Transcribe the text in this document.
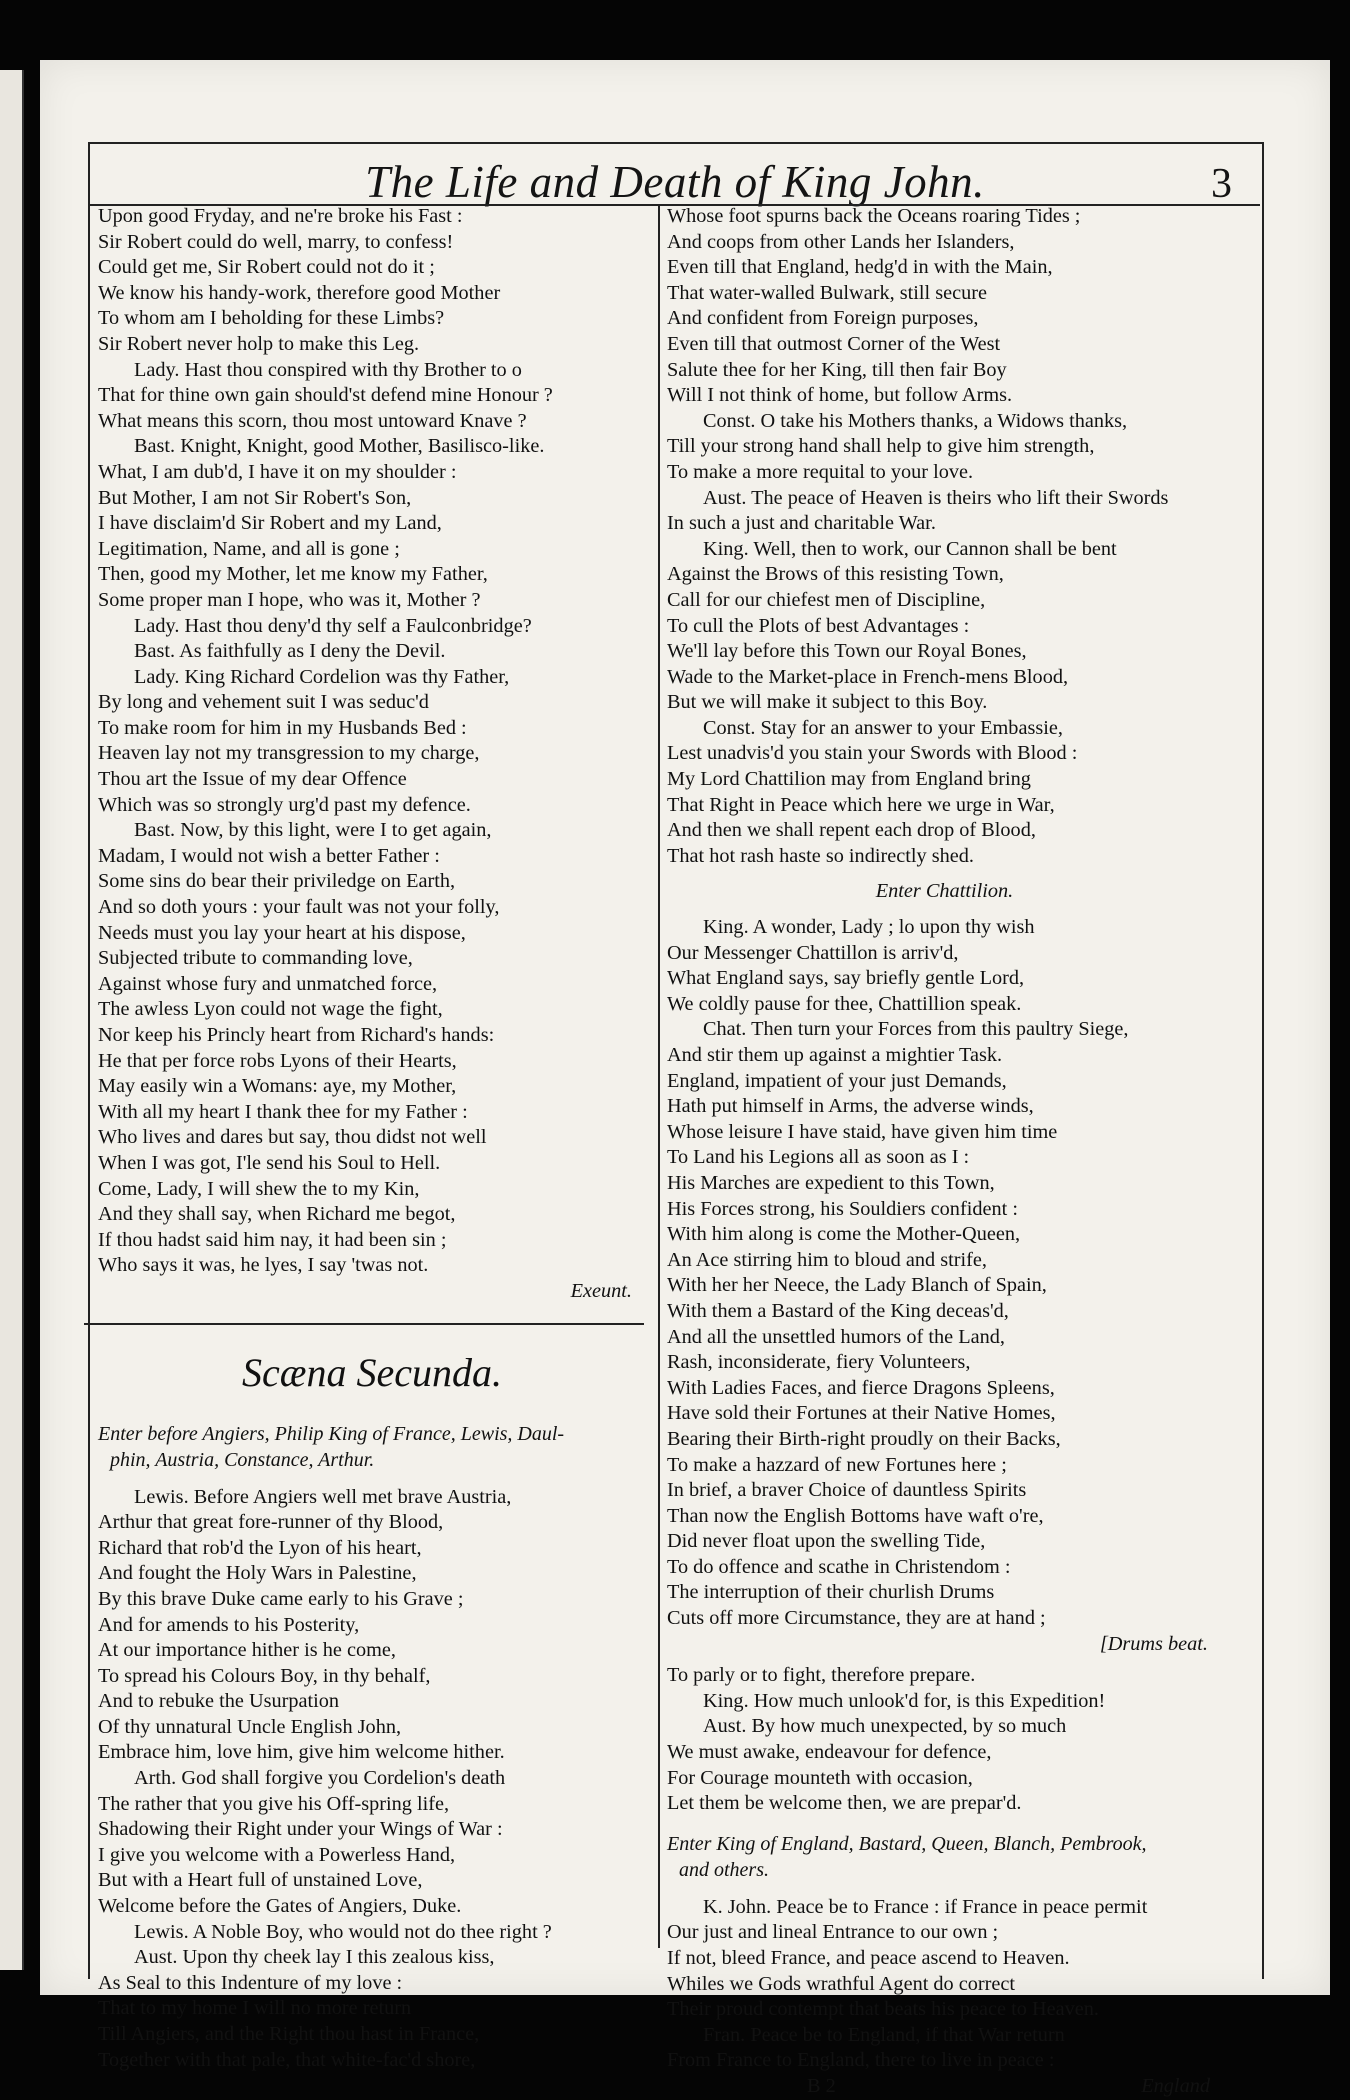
The Life and Death of King John.	3
Upon good Fryday, and ne're broke his Fast :
Sir Robert could do well, marry, to confess!
Could get me, Sir Robert could not do it ;
We know his handy-work, therefore good Mother
To whom am I beholding for these Limbs?
Sir Robert never holp to make this Leg.
Lady. Hast thou conspired with thy Brother to o
That for thine own gain should'st defend mine Honour ?
What means this scorn, thou most untoward Knave ?
Bast. Knight, Knight, good Mother, Basilisco-like.
What, I am dub'd, I have it on my shoulder :
But Mother, I am not Sir Robert's Son,
I have disclaim'd Sir Robert and my Land,
Legitimation, Name, and all is gone ;
Then, good my Mother, let me know my Father,
Some proper man I hope, who was it, Mother ?
Lady. Hast thou deny'd thy self a Faulconbridge?
Bast. As faithfully as I deny the Devil.
Lady. King Richard Cordelion was thy Father,
By long and vehement suit I was seduc'd
To make room for him in my Husbands Bed :
Heaven lay not my transgression to my charge,
Thou art the Issue of my dear Offence
Which was so strongly urg'd past my defence.
Bast. Now, by this light, were I to get again,
Madam, I would not wish a better Father :
Some sins do bear their priviledge on Earth,
And so doth yours : your fault was not your folly,
Needs must you lay your heart at his dispose,
Subjected tribute to commanding love,
Against whose fury and unmatched force,
The awless Lyon could not wage the fight,
Nor keep his Princly heart from Richard's hands:
He that per force robs Lyons of their Hearts,
May easily win a Womans: aye, my Mother,
With all my heart I thank thee for my Father :
Who lives and dares but say, thou didst not well
When I was got, I'le send his Soul to Hell.
Come, Lady, I will shew the to my Kin,
And they shall say, when Richard me begot,
If thou hadst said him nay, it had been sin ;
Who says it was, he lyes, I say 'twas not.
Exeunt.
Scæna Secunda.
Enter before Angiers, Philip King of France, Lewis, Daul-
phin, Austria, Constance, Arthur.
Lewis. Before Angiers well met brave Austria,
Arthur that great fore-runner of thy Blood,
Richard that rob'd the Lyon of his heart,
And fought the Holy Wars in Palestine,
By this brave Duke came early to his Grave ;
And for amends to his Posterity,
At our importance hither is he come,
To spread his Colours Boy, in thy behalf,
And to rebuke the Usurpation
Of thy unnatural Uncle English John,
Embrace him, love him, give him welcome hither.
Arth. God shall forgive you Cordelion's death
The rather that you give his Off-spring life,
Shadowing their Right under your Wings of War :
I give you welcome with a Powerless Hand,
But with a Heart full of unstained Love,
Welcome before the Gates of Angiers, Duke.
Lewis. A Noble Boy, who would not do thee right ?
Aust. Upon thy cheek lay I this zealous kiss,
As Seal to this Indenture of my love :
That to my home I will no more return
Till Angiers, and the Right thou hast in France,
Together with that pale, that white-fac'd shore,
Whose foot spurns back the Oceans roaring Tides ;
And coops from other Lands her Islanders,
Even till that England, hedg'd in with the Main,
That water-walled Bulwark, still secure
And confident from Foreign purposes,
Even till that outmost Corner of the West
Salute thee for her King, till then fair Boy
Will I not think of home, but follow Arms.
Const. O take his Mothers thanks, a Widows thanks,
Till your strong hand shall help to give him strength,
To make a more requital to your love.
Aust. The peace of Heaven is theirs who lift their Swords
In such a just and charitable War.
King. Well, then to work, our Cannon shall be bent
Against the Brows of this resisting Town,
Call for our chiefest men of Discipline,
To cull the Plots of best Advantages :
We'll lay before this Town our Royal Bones,
Wade to the Market-place in French-mens Blood,
But we will make it subject to this Boy.
Const. Stay for an answer to your Embassie,
Lest unadvis'd you stain your Swords with Blood :
My Lord Chattilion may from England bring
That Right in Peace which here we urge in War,
And then we shall repent each drop of Blood,
That hot rash haste so indirectly shed.
Enter Chattilion.
King. A wonder, Lady ; lo upon thy wish
Our Messenger Chattillon is arriv'd,
What England says, say briefly gentle Lord,
We coldly pause for thee, Chattillion speak.
Chat. Then turn your Forces from this paultry Siege,
And stir them up against a mightier Task.
England, impatient of your just Demands,
Hath put himself in Arms, the adverse winds,
Whose leisure I have staid, have given him time
To Land his Legions all as soon as I :
His Marches are expedient to this Town,
His Forces strong, his Souldiers confident :
With him along is come the Mother-Queen,
An Ace stirring him to bloud and strife,
With her her Neece, the Lady Blanch of Spain,
With them a Bastard of the King deceas'd,
And all the unsettled humors of the Land,
Rash, inconsiderate, fiery Volunteers,
With Ladies Faces, and fierce Dragons Spleens,
Have sold their Fortunes at their Native Homes,
Bearing their Birth-right proudly on their Backs,
To make a hazzard of new Fortunes here ;
In brief, a braver Choice of dauntless Spirits
Than now the English Bottoms have waft o're,
Did never float upon the swelling Tide,
To do offence and scathe in Christendom :
The interruption of their churlish Drums
Cuts off more Circumstance, they are at hand ;
[Drums beat.
To parly or to fight, therefore prepare.
King. How much unlook'd for, is this Expedition!
Aust. By how much unexpected, by so much
We must awake, endeavour for defence,
For Courage mounteth with occasion,
Let them be welcome then, we are prepar'd.
Enter King of England, Bastard, Queen, Blanch, Pembrook,
and others.
K. John. Peace be to France : if France in peace permit
Our just and lineal Entrance to our own ;
If not, bleed France, and peace ascend to Heaven.
Whiles we Gods wrathful Agent do correct
Their proud contempt that beats his peace to Heaven.
Fran. Peace be to England, if that War return
From France to England, there to live in peace :
B 2	England
